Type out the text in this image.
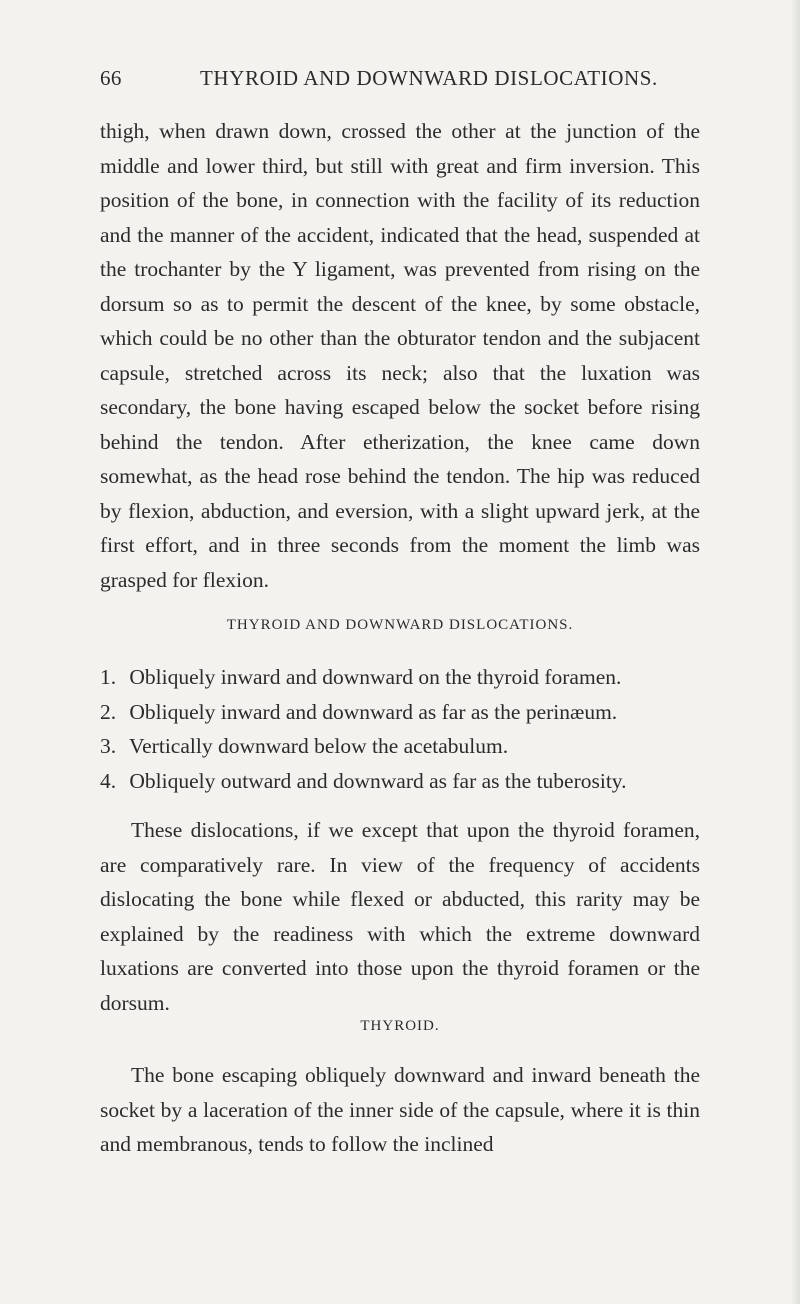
66	THYROID AND DOWNWARD DISLOCATIONS.

thigh, when drawn down, crossed the other at the junction of the middle and lower third, but still with great and firm inversion. This position of the bone, in connection with the facility of its reduction and the manner of the accident, indicated that the head, suspended at the trochanter by the Y ligament, was prevented from rising on the dorsum so as to permit the descent of the knee, by some obstacle, which could be no other than the obturator tendon and the subjacent capsule, stretched across its neck; also that the luxation was secondary, the bone having escaped below the socket before rising behind the tendon. After etherization, the knee came down somewhat, as the head rose behind the tendon. The hip was reduced by flexion, abduction, and eversion, with a slight upward jerk, at the first effort, and in three seconds from the moment the limb was grasped for flexion.

THYROID AND DOWNWARD DISLOCATIONS.
1. Obliquely inward and downward on the thyroid foramen.
2. Obliquely inward and downward as far as the perinæum.
3. Vertically downward below the acetabulum.
4. Obliquely outward and downward as far as the tuberosity.

These dislocations, if we except that upon the thyroid foramen, are comparatively rare. In view of the frequency of accidents dislocating the bone while flexed or abducted, this rarity may be explained by the readiness with which the extreme downward luxations are converted into those upon the thyroid foramen or the dorsum.

THYROID.

The bone escaping obliquely downward and inward beneath the socket by a laceration of the inner side of the capsule, where it is thin and membranous, tends to follow the inclined
